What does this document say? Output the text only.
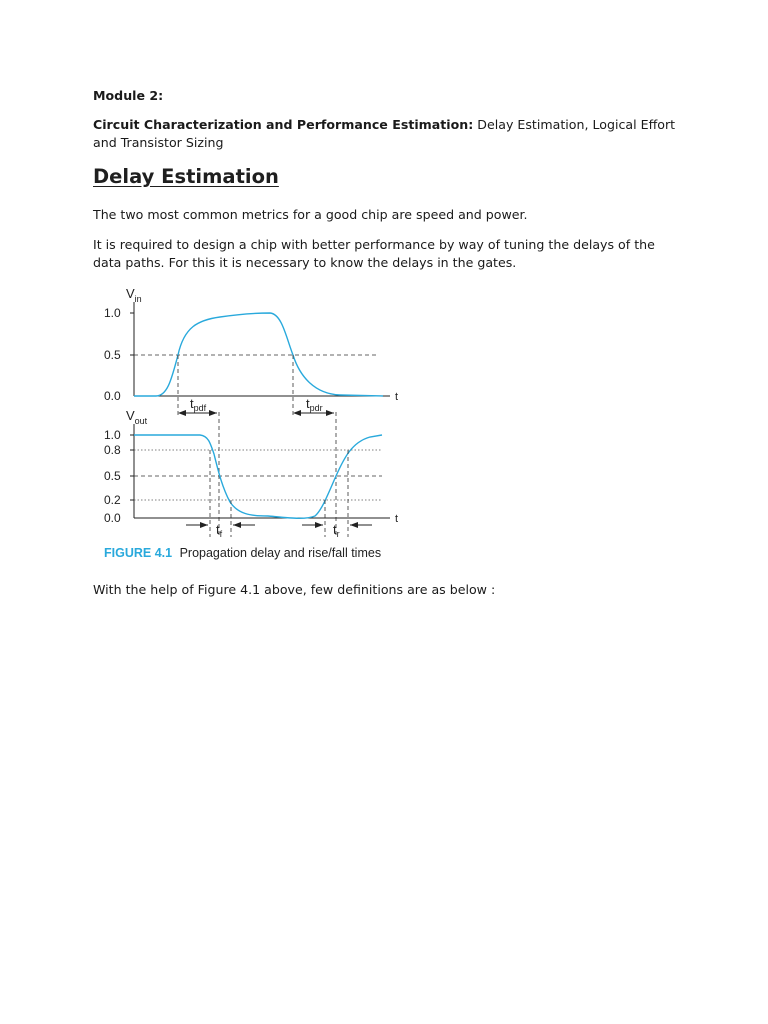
Module 2:

Circuit Characterization and Performance Estimation: Delay Estimation, Logical Effort and Transistor Sizing

Delay Estimation

The two most common metrics for a good chip are speed and power.

It is required to design a chip with better performance by way of tuning the delays of the data paths. For this it is necessary to know the delays in the gates.

$V_{in}$
1.0
0.5
0.0	t
$t_{pdf}$	$t_{pdr}$
$V_{out}$
1.0
0.8
0.5
0.2
0.0	t
$t_f$	$t_r$
FIGURE 4.1 Propagation delay and rise/fall times

With the help of Figure 4.1 above, few definitions are as below :
